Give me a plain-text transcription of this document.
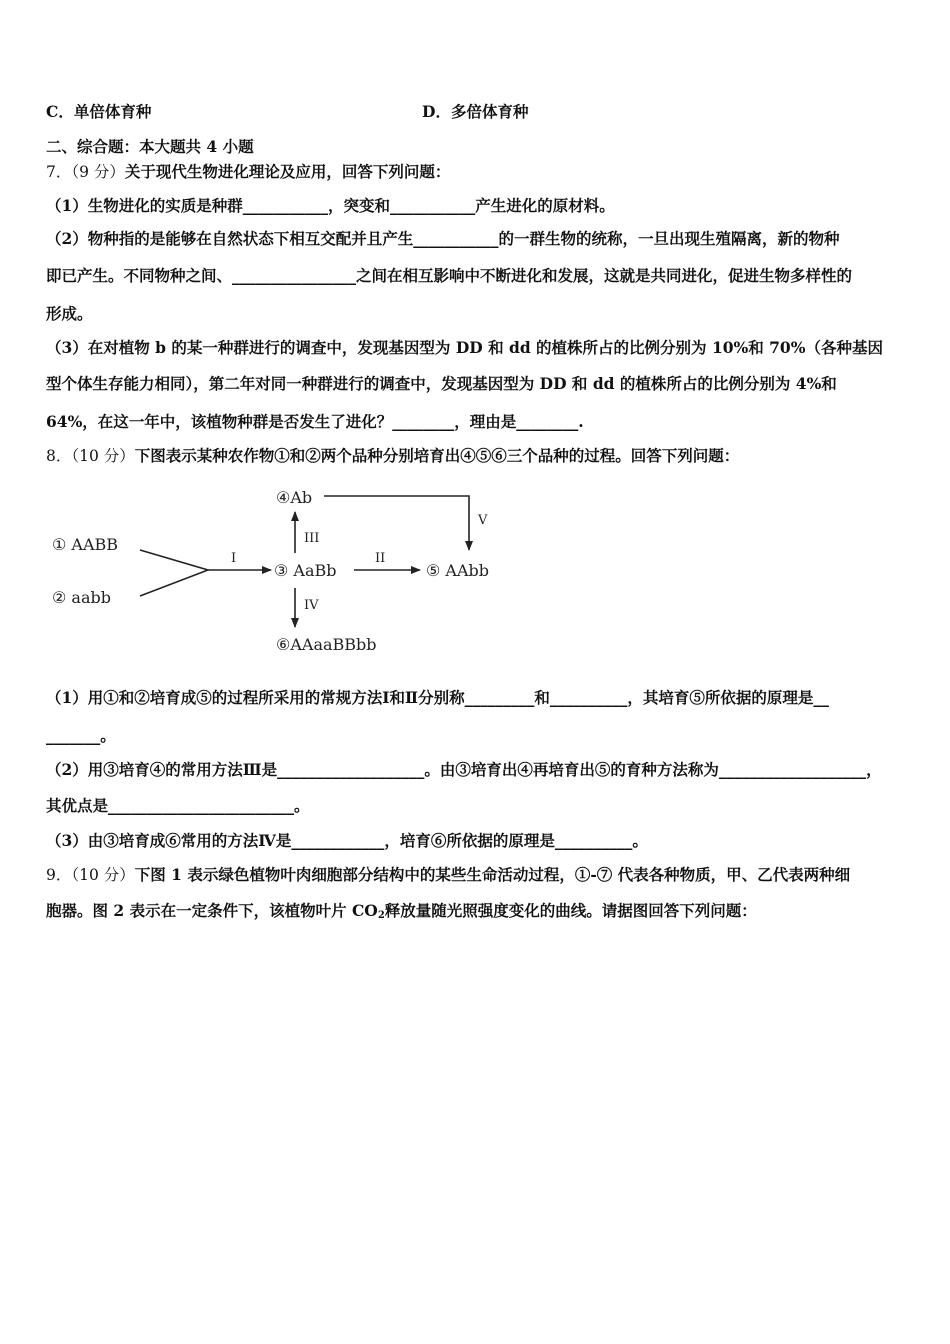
C．单倍体育种	D．多倍体育种
二、综合题：本大题共 4 小题
7．（9 分）关于现代生物进化理论及应用，回答下列问题：
（1）生物进化的实质是种群___________，突变和___________产生进化的原材料。
（2）物种指的是能够在自然状态下相互交配并且产生___________的一群生物的统称，一旦出现生殖隔离，新的物种
即已产生。不同物种之间、________________之间在相互影响中不断进化和发展，这就是共同进化，促进生物多样性的
形成。
（3）在对植物 b 的某一种群进行的调查中，发现基因型为 DD 和 dd 的植株所占的比例分别为 10%和 70%（各种基因
型个体生存能力相同），第二年对同一种群进行的调查中，发现基因型为 DD 和 dd 的植株所占的比例分别为 4%和
64%，在这一年中，该植物种群是否发生了进化？________，理由是________.
8．（10 分）下图表示某种农作物①和②两个品种分别培育出④⑤⑥三个品种的过程。回答下列问题：
① AABB
② aabb
I
③ AaBb
III
④Ab
V
II
⑤ AAbb
IV
⑥AAaaBBbb
（1）用①和②培育成⑤的过程所采用的常规方法Ⅰ和Ⅱ分别称_________和__________，其培育⑤所依据的原理是__
_______。
（2）用③培育④的常用方法Ⅲ是___________________。由③培育出④再培育出⑤的育种方法称为___________________，
其优点是________________________。
（3）由③培育成⑥常用的方法Ⅳ是____________，培育⑥所依据的原理是__________。
9．（10 分）下图 1 表示绿色植物叶肉细胞部分结构中的某些生命活动过程，①-⑦ 代表各种物质，甲、乙代表两种细
胞器。图 2 表示在一定条件下，该植物叶片 $CO_2$释放量随光照强度变化的曲线。请据图回答下列问题：
